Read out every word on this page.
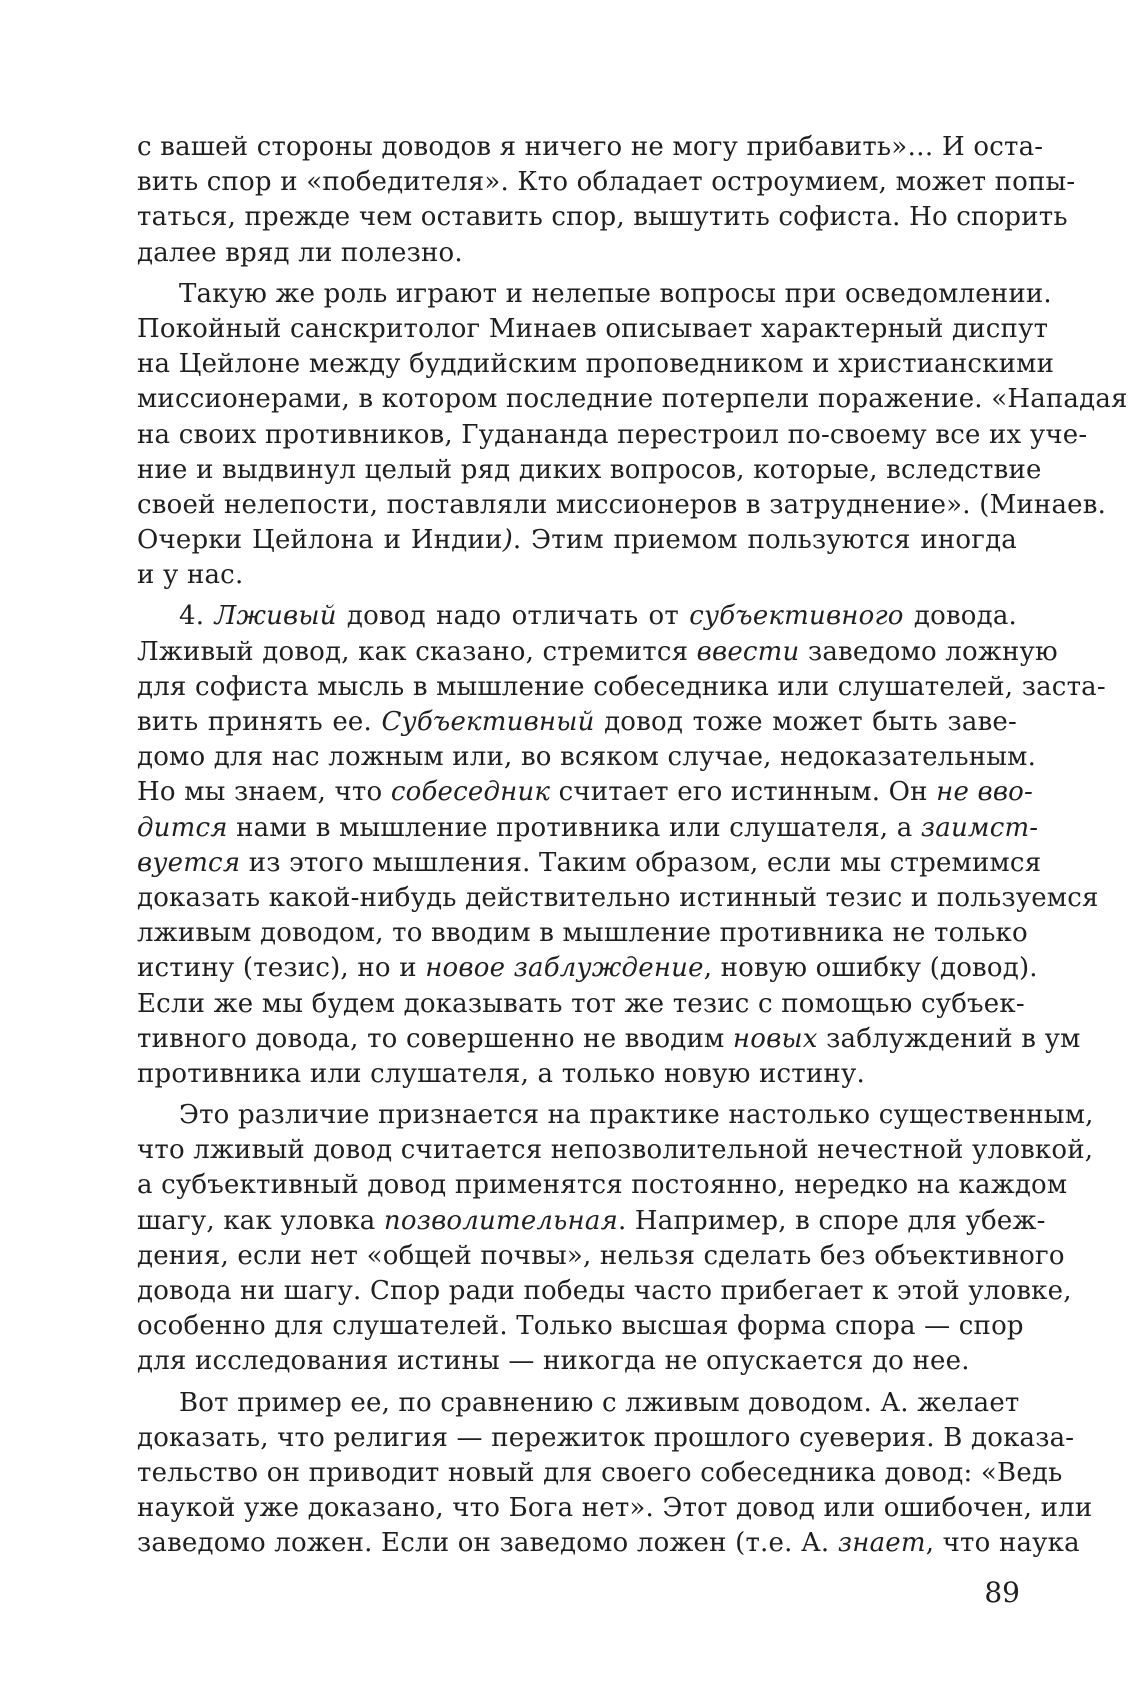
с вашей стороны доводов я ничего не могу прибавить»… И оста-
вить спор и «победителя». Кто обладает остроумием, может попы-
таться, прежде чем оставить спор, вышутить софиста. Но спорить
далее вряд ли полезно.
Такую же роль играют и нелепые вопросы при осведомлении.
Покойный санскритолог Минаев описывает характерный диспут
на Цейлоне между буддийским проповедником и христианскими
миссионерами, в котором последние потерпели поражение. «Нападая
на своих противников, Гудананда перестроил по-своему все их уче-
ние и выдвинул целый ряд диких вопросов, которые, вследствие
своей нелепости, поставляли миссионеров в затруднение». (Минаев.
Очерки Цейлона и Индии). Этим приемом пользуются иногда
и у нас.
4. Лживый довод надо отличать от субъективного довода.
Лживый довод, как сказано, стремится ввести заведомо ложную
для софиста мысль в мышление собеседника или слушателей, заста-
вить принять ее. Субъективный довод тоже может быть заве-
домо для нас ложным или, во всяком случае, недоказательным.
Но мы знаем, что собеседник считает его истинным. Он не вво-
дится нами в мышление противника или слушателя, а заимст-
вуется из этого мышления. Таким образом, если мы стремимся
доказать какой-нибудь действительно истинный тезис и пользуемся
лживым доводом, то вводим в мышление противника не только
истину (тезис), но и новое заблуждение, новую ошибку (довод).
Если же мы будем доказывать тот же тезис с помощью субъек-
тивного довода, то совершенно не вводим новых заблуждений в ум
противника или слушателя, а только новую истину.
Это различие признается на практике настолько существенным,
что лживый довод считается непозволительной нечестной уловкой,
а субъективный довод применятся постоянно, нередко на каждом
шагу, как уловка позволительная. Например, в споре для убеж-
дения, если нет «общей почвы», нельзя сделать без объективного
довода ни шагу. Спор ради победы часто прибегает к этой уловке,
особенно для слушателей. Только высшая форма спора — спор
для исследования истины — никогда не опускается до нее.
Вот пример ее, по сравнению с лживым доводом. А. желает
доказать, что религия — пережиток прошлого суеверия. В доказа-
тельство он приводит новый для своего собеседника довод: «Ведь
наукой уже доказано, что Бога нет». Этот довод или ошибочен, или
заведомо ложен. Если он заведомо ложен (т.е. А. знает, что наука
89
